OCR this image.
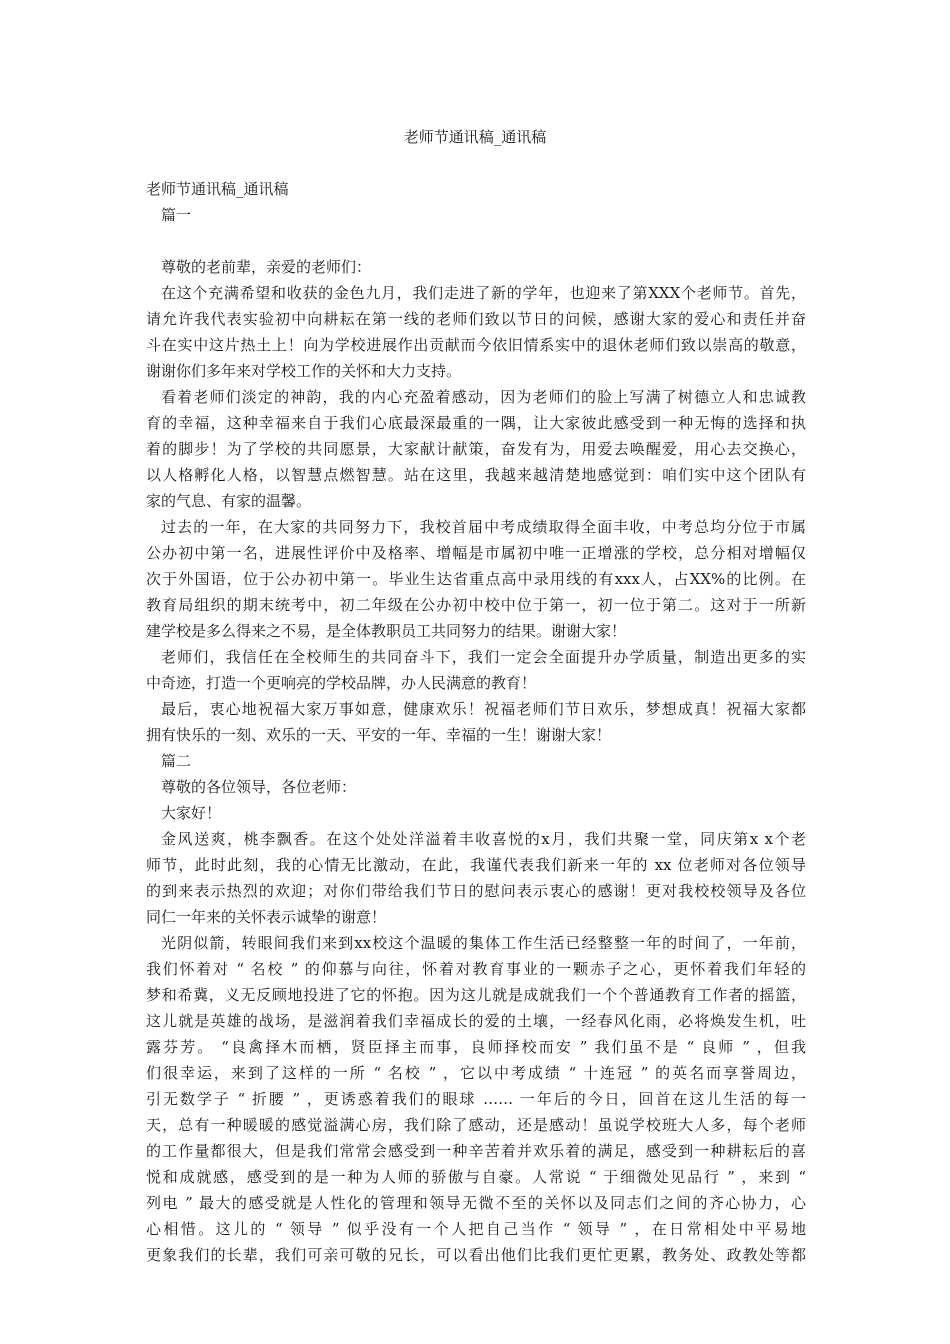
老师节通讯稿_通讯稿

老师节通讯稿_通讯稿

篇一

尊敬的老前辈，亲爱的老师们：

在这个充满希望和收获的金色九月，我们走进了新的学年，也迎来了第XXX个老师节。首先，

请允许我代表实验初中向耕耘在第一线的老师们致以节日的问候，感谢大家的爱心和责任并奋

斗在实中这片热土上！向为学校进展作出贡献而今依旧情系实中的退休老师们致以崇高的敬意，

谢谢你们多年来对学校工作的关怀和大力支持。

看着老师们淡定的神韵，我的内心充盈着感动，因为老师们的脸上写满了树德立人和忠诚教

育的幸福，这种幸福来自于我们心底最深最重的一隅，让大家彼此感受到一种无悔的选择和执

着的脚步！为了学校的共同愿景，大家献计献策，奋发有为，用爱去唤醒爱，用心去交换心，

以人格孵化人格，以智慧点燃智慧。站在这里，我越来越清楚地感觉到：咱们实中这个团队有

家的气息、有家的温馨。

过去的一年，在大家的共同努力下，我校首届中考成绩取得全面丰收，中考总均分位于市属

公办初中第一名，进展性评价中及格率、增幅是市属初中唯一正增涨的学校，总分相对增幅仅

次于外国语，位于公办初中第一。毕业生达省重点高中录用线的有xxx人，占XX%的比例。在

教育局组织的期末统考中，初二年级在公办初中校中位于第一，初一位于第二。这对于一所新

建学校是多么得来之不易，是全体教职员工共同努力的结果。谢谢大家！

老师们，我信任在全校师生的共同奋斗下，我们一定会全面提升办学质量，制造出更多的实

中奇迹，打造一个更响亮的学校品牌，办人民满意的教育！

最后，衷心地祝福大家万事如意，健康欢乐！祝福老师们节日欢乐，梦想成真！祝福大家都

拥有快乐的一刻、欢乐的一天、平安的一年、幸福的一生！谢谢大家！

篇二

尊敬的各位领导，各位老师：

大家好！

金风送爽，桃李飘香。在这个处处洋溢着丰收喜悦的x月，我们共聚一堂，同庆第x x个老

师节，此时此刻，我的心情无比激动，在此，我谨代表我们新来一年的 xx 位老师对各位领导

的到来表示热烈的欢迎；对你们带给我们节日的慰问表示衷心的感谢！更对我校校领导及各位

同仁一年来的关怀表示诚挚的谢意！

光阴似箭，转眼间我们来到xx校这个温暖的集体工作生活已经整整一年的时间了，一年前，

我们怀着对 “ 名校 ” 的仰慕与向往，怀着对教育事业的一颗赤子之心，更怀着我们年轻的

梦和希冀，义无反顾地投进了它的怀抱。因为这儿就是成就我们一个个普通教育工作者的摇篮，

这儿就是英雄的战场，是滋润着我们幸福成长的爱的土壤，一经春风化雨，必将焕发生机，吐

露芬芳。 “良禽择木而栖，贤臣择主而事，良师择校而安 ” 我们虽不是 “ 良师 ” ，但我

们很幸运，来到了这样的一所 “ 名校 ” ，它以中考成绩 “ 十连冠 ” 的英名而享誉周边，

引无数学子 “ 折腰 ” ，更诱惑着我们的眼球 …… 一年后的今日，回首在这儿生活的每一

天，总有一种暖暖的感觉溢满心房，我们除了感动，还是感动！虽说学校班大人多，每个老师

的工作量都很大，但是我们常常会感受到一种辛苦着并欢乐着的满足，感受到一种耕耘后的喜

悦和成就感，感受到的是一种为人师的骄傲与自豪。人常说 “ 于细微处见品行 ” ，来到 “

列电 ” 最大的感受就是人性化的管理和领导无微不至的关怀以及同志们之间的齐心协力，心

心相惜。这儿的 “ 领导 ” 似乎没有一个人把自己当作 “ 领导 ” ，在日常相处中平易地

更象我们的长辈，我们可亲可敬的兄长，可以看出他们比我们更忙更累，教务处、政教处等都
